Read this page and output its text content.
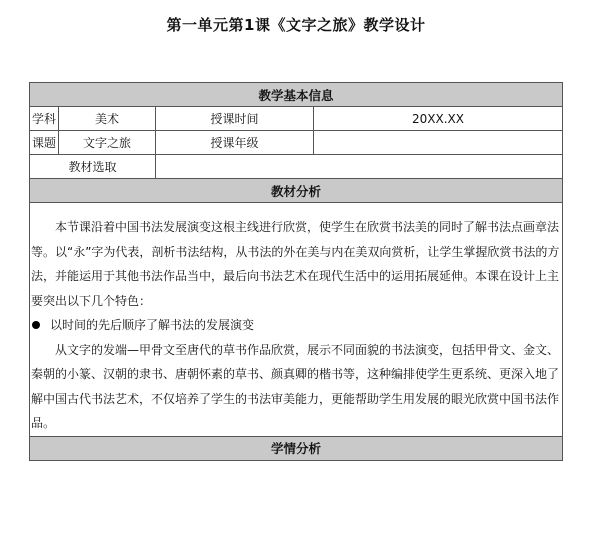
第一单元第1课《文字之旅》教学设计
教学基本信息			
学科	美术	授课时间	20XX.XX
课题	文字之旅	授课年级	
教材选取			
教材分析			

本节课沿着中国书法发展演变这根主线进行欣赏，使学生在欣赏书法美的同时了解书法点画章法等。以“永”字为代表，剖析书法结构，从书法的外在美与内在美双向赏析，让学生掌握欣赏书法的方法，并能运用于其他书法作品当中，最后向书法艺术在现代生活中的运用拓展延伸。本课在设计上主要突出以下几个特色：

以时间的先后顺序了解书法的发展演变

从文字的发端—甲骨文至唐代的草书作品欣赏，展示不同面貌的书法演变，包括甲骨文、金文、秦朝的小篆、汉朝的隶书、唐朝怀素的草书、颜真卿的楷书等，这种编排使学生更系统、更深入地了解中国古代书法艺术，不仅培养了学生的书法审美能力，更能帮助学生用发展的眼光欣赏中国书法作品。			

学情分析			
